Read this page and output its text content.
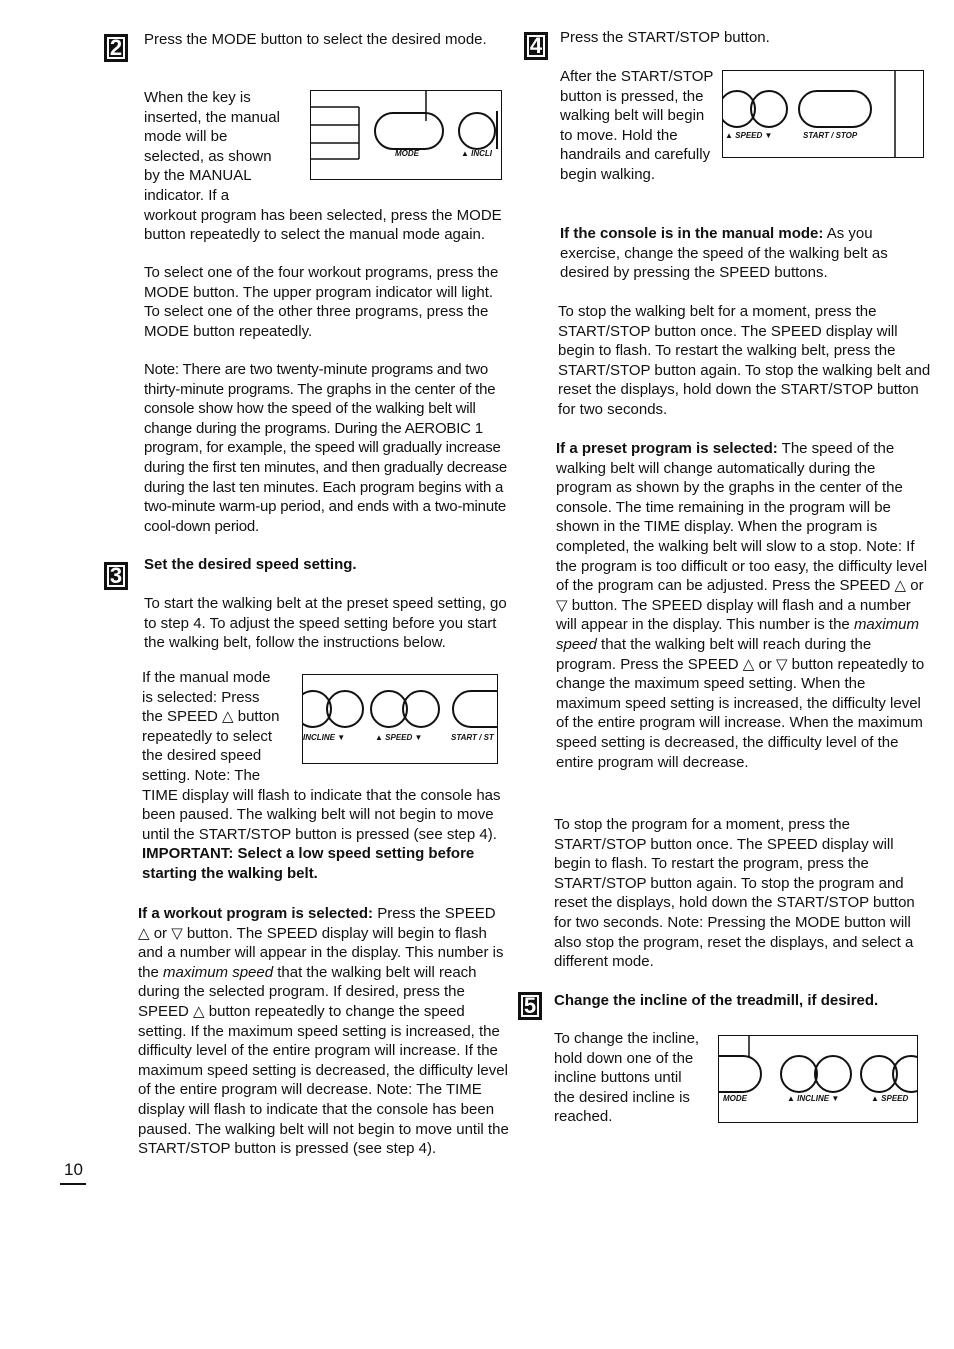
2	Press the MODE button to select the desired mode.
When the key is inserted, the manual mode will be selected, as shown by the MANUAL indicator. If a workout program has been selected, press the MODE button repeatedly to select the manual mode again.
MODE	▲ INCLI

To select one of the four workout programs, press the MODE button. The upper program indicator will light. To select one of the other three programs, press the MODE button repeatedly.

Note: There are two twenty-minute programs and two thirty-minute programs. The graphs in the center of the console show how the speed of the walking belt will change during the programs. During the AEROBIC 1 program, for example, the speed will gradually increase during the first ten minutes, and then gradually decrease during the last ten minutes. Each program begins with a two-minute warm-up period, and ends with a two-minute cool-down period.

3	Set the desired speed setting.

To start the walking belt at the preset speed setting, go to step 4. To adjust the speed setting before you start the walking belt, follow the instructions below.

INCLINE ▼	▲ SPEED ▼	START / ST
If the manual mode is selected: Press the SPEED △ button repeatedly to select the desired speed setting. Note: The TIME display will flash to indicate that the console has been paused. The walking belt will not begin to move until the START/STOP button is pressed (see step 4). IMPORTANT: Select a low speed setting before starting the walking belt.
If a workout program is selected: Press the SPEED △ or ▽ button. The SPEED display will begin to flash and a number will appear in the display. This number is the maximum speed that the walking belt will reach during the selected program. If desired, press the SPEED △ button repeatedly to change the speed setting. If the maximum speed setting is increased, the difficulty level of the entire program will increase. If the maximum speed setting is decreased, the difficulty level of the entire program will decrease. Note: The TIME display will flash to indicate that the console has been paused. The walking belt will not begin to move until the START/STOP button is pressed (see step 4).
4	Press the START/STOP button.
▲ SPEED ▼	START / STOP
After the START/STOP button is pressed, the walking belt will begin to move. Hold the handrails and carefully begin walking.

If the console is in the manual mode: As you exercise, change the speed of the walking belt as desired by pressing the SPEED buttons.

To stop the walking belt for a moment, press the START/STOP button once. The SPEED display will begin to flash. To restart the walking belt, press the START/STOP button again. To stop the walking belt and reset the displays, hold down the START/STOP button for two seconds.

If a preset program is selected: The speed of the walking belt will change automatically during the program as shown by the graphs in the center of the console. The time remaining in the program will be shown in the TIME display. When the program is completed, the walking belt will slow to a stop. Note: If the program is too difficult or too easy, the difficulty level of the program can be adjusted. Press the SPEED △ or ▽ button. The SPEED display will flash and a number will appear in the display. This number is the maximum speed that the walking belt will reach during the program. Press the SPEED △ or ▽ button repeatedly to change the maximum speed setting. When the maximum speed setting is increased, the difficulty level of the entire program will increase. When the maximum speed setting is decreased, the difficulty level of the entire program will decrease.

To stop the program for a moment, press the START/STOP button once. The SPEED display will begin to flash. To restart the program, press the START/STOP button again. To stop the program and reset the displays, hold down the START/STOP button for two seconds. Note: Pressing the MODE button will also stop the program, reset the displays, and select a different mode.

5	Change the incline of the treadmill, if desired.
MODE	▲ INCLINE ▼	▲ SPEED
To change the incline, hold down one of the incline buttons until the desired incline is reached.
10
